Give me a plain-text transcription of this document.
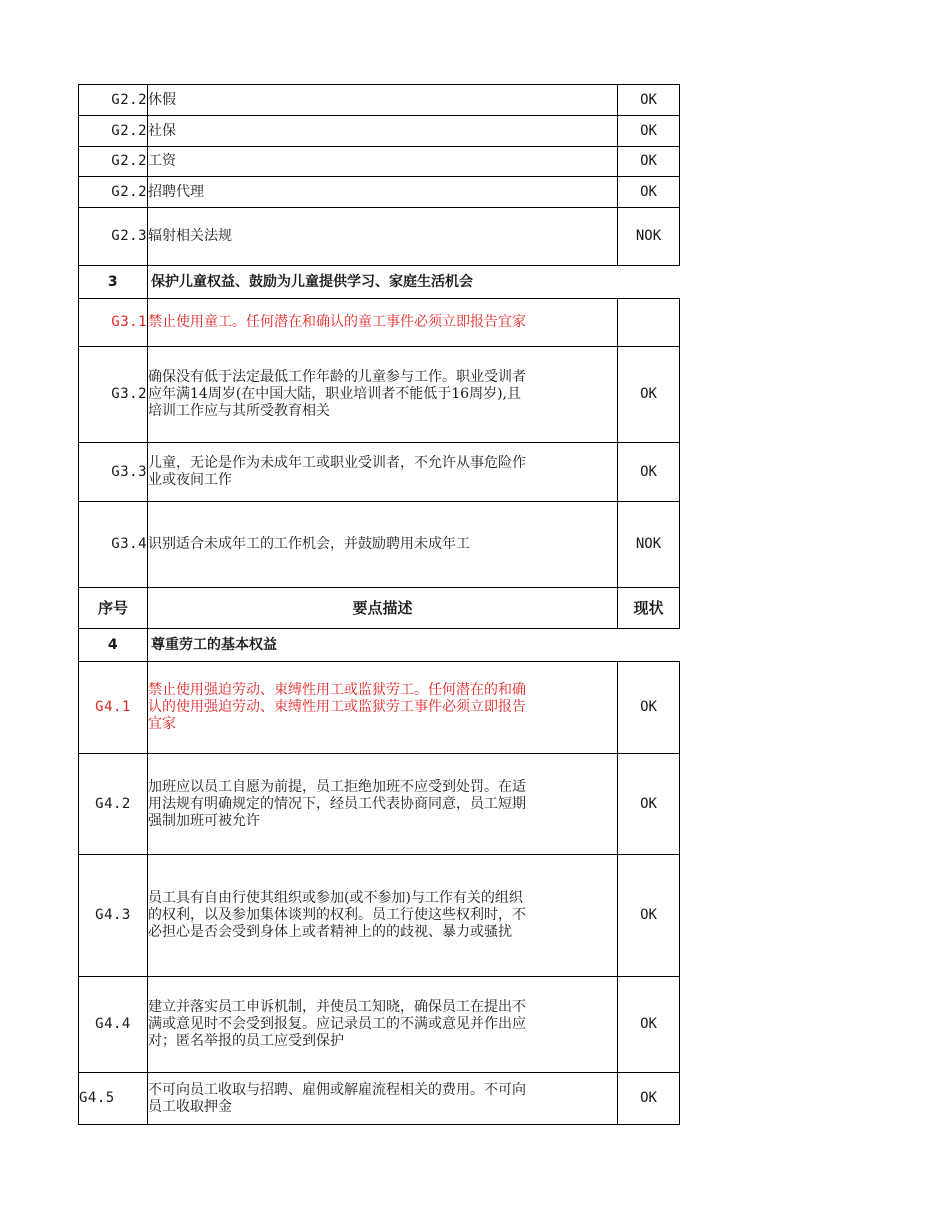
G2.2	休假	OK
G2.2	社保	OK
G2.2	工资	OK
G2.2	招聘代理	OK
G2.3	辐射相关法规	NOK
3	保护儿童权益、鼓励为儿童提供学习、家庭生活机会	
G3.1	禁止使用童工。任何潜在和确认的童工事件必须立即报告宜家	

G3.2	确保没有低于法定最低工作年龄的儿童参与工作。职业受训者应年满14周岁(在中国大陆，职业培训者不能低于16周岁),且培训工作应与其所受教育相关	OK
G3.3	儿童，无论是作为未成年工或职业受训者，不允许从事危险作业或夜间工作	OK
G3.4	识别适合未成年工的工作机会，并鼓励聘用未成年工	NOK
序号	要点描述	现状
4	尊重劳工的基本权益	
G4.1	禁止使用强迫劳动、束缚性用工或监狱劳工。任何潜在的和确认的使用强迫劳动、束缚性用工或监狱劳工事件必须立即报告宜家	OK
G4.2	加班应以员工自愿为前提，员工拒绝加班不应受到处罚。在适用法规有明确规定的情况下，经员工代表协商同意，员工短期强制加班可被允许	OK
G4.3	员工具有自由行使其组织或参加(或不参加)与工作有关的组织的权利，以及参加集体谈判的权利。员工行使这些权利时，不必担心是否会受到身体上或者精神上的的歧视、暴力或骚扰	OK
G4.4	建立并落实员工申诉机制，并使员工知晓，确保员工在提出不满或意见时不会受到报复。应记录员工的不满或意见并作出应对；匿名举报的员工应受到保护	OK
G4.5	不可向员工收取与招聘、雇佣或解雇流程相关的费用。不可向员工收取押金	OK
